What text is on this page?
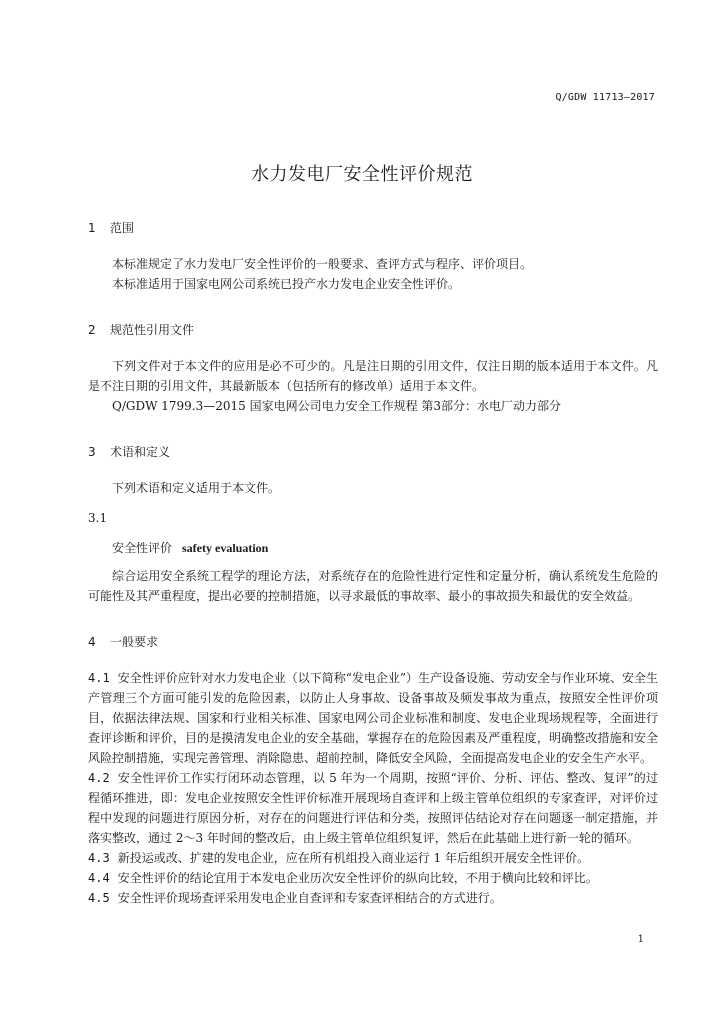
Q/GDW 11713—2017
水力发电厂安全性评价规范
1 范围

本标准规定了水力发电厂安全性评价的一般要求、查评方式与程序、评价项目。

本标准适用于国家电网公司系统已投产水力发电企业安全性评价。

2 规范性引用文件

下列文件对于本文件的应用是必不可少的。凡是注日期的引用文件，仅注日期的版本适用于本文件。凡是不注日期的引用文件，其最新版本（包括所有的修改单）适用于本文件。

Q/GDW 1799.3—2015 国家电网公司电力安全工作规程 第3部分：水电厂动力部分

3 术语和定义

下列术语和定义适用于本文件。

3.1

安全性评价 safety evaluation

综合运用安全系统工程学的理论方法，对系统存在的危险性进行定性和定量分析，确认系统发生危险的可能性及其严重程度，提出必要的控制措施，以寻求最低的事故率、最小的事故损失和最优的安全效益。

4 一般要求

4.1 安全性评价应针对水力发电企业（以下简称“发电企业”）生产设备设施、劳动安全与作业环境、安全生产管理三个方面可能引发的危险因素，以防止人身事故、设备事故及频发事故为重点，按照安全性评价项目，依据法律法规、国家和行业相关标准、国家电网公司企业标准和制度、发电企业现场规程等，全面进行查评诊断和评价，目的是摸清发电企业的安全基础，掌握存在的危险因素及严重程度，明确整改措施和安全风险控制措施，实现完善管理、消除隐患、超前控制，降低安全风险，全面提高发电企业的安全生产水平。

4.2 安全性评价工作实行闭环动态管理，以 5 年为一个周期，按照“评价、分析、评估、整改、复评”的过程循环推进，即：发电企业按照安全性评价标准开展现场自查评和上级主管单位组织的专家查评，对评价过程中发现的问题进行原因分析，对存在的问题进行评估和分类，按照评估结论对存在问题逐一制定措施，并落实整改，通过 2～3 年时间的整改后，由上级主管单位组织复评，然后在此基础上进行新一轮的循环。

4.3 新投运或改、扩建的发电企业，应在所有机组投入商业运行 1 年后组织开展安全性评价。

4.4 安全性评价的结论宜用于本发电企业历次安全性评价的纵向比较，不用于横向比较和评比。

4.5 安全性评价现场查评采用发电企业自查评和专家查评相结合的方式进行。

1
